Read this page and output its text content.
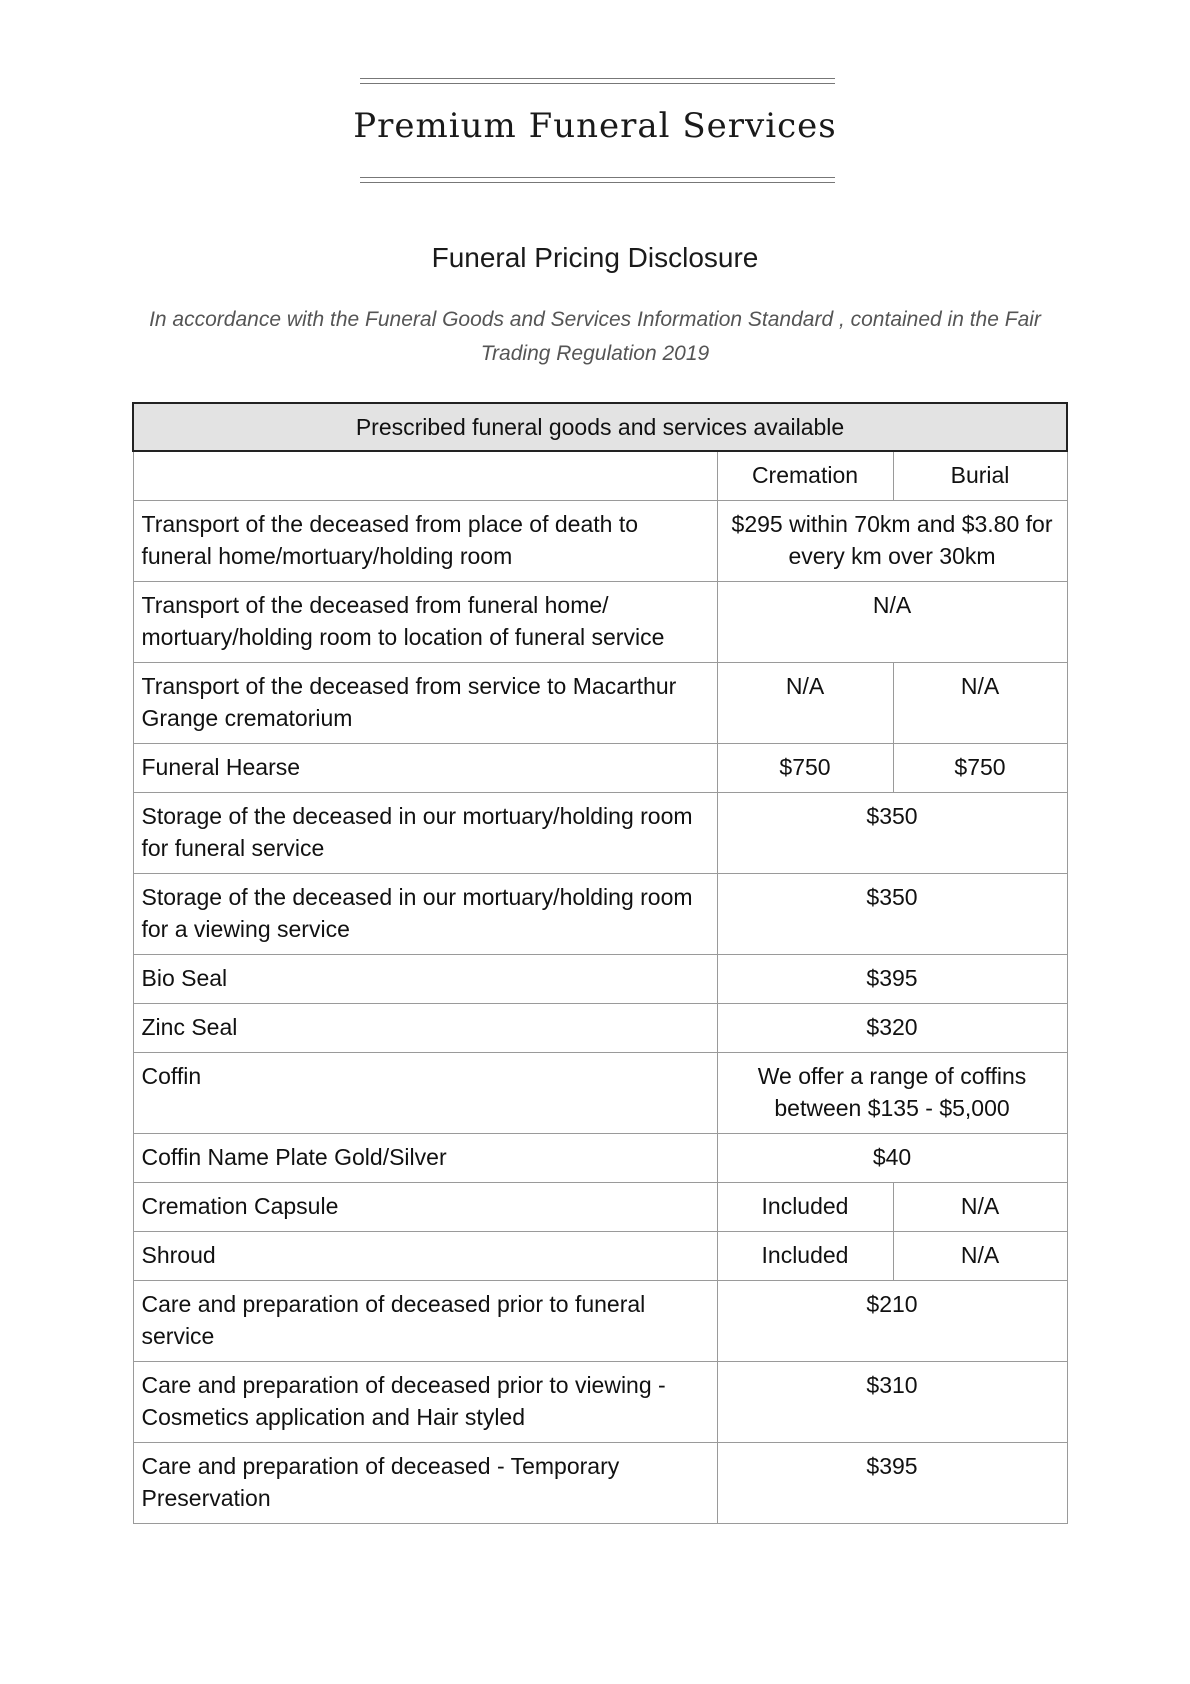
Premium Funeral Services
Funeral Pricing Disclosure
In accordance with the Funeral Goods and Services Information Standard , contained in the Fair Trading Regulation 2019
Prescribed funeral goods and services available		
	Cremation	Burial
Transport of the deceased from place of death to funeral home/mortuary/holding room	$295 within 70km and $3.80 for every km over 30km	
Transport of the deceased from funeral home/ mortuary/holding room to location of funeral service	N/A	
Transport of the deceased from service to Macarthur Grange crematorium	N/A	N/A
Funeral Hearse	$750	$750
Storage of the deceased in our mortuary/holding room for funeral service	$350	
Storage of the deceased in our mortuary/holding room for a viewing service	$350	
Bio Seal	$395	
Zinc Seal	$320	
Coffin	We offer a range of coffins between $135 - $5,000	
Coffin Name Plate Gold/Silver	$40	
Cremation Capsule	Included	N/A
Shroud	Included	N/A
Care and preparation of deceased prior to funeral service	$210	
Care and preparation of deceased prior to viewing - Cosmetics application and Hair styled	$310	
Care and preparation of deceased - Temporary Preservation	$395	
